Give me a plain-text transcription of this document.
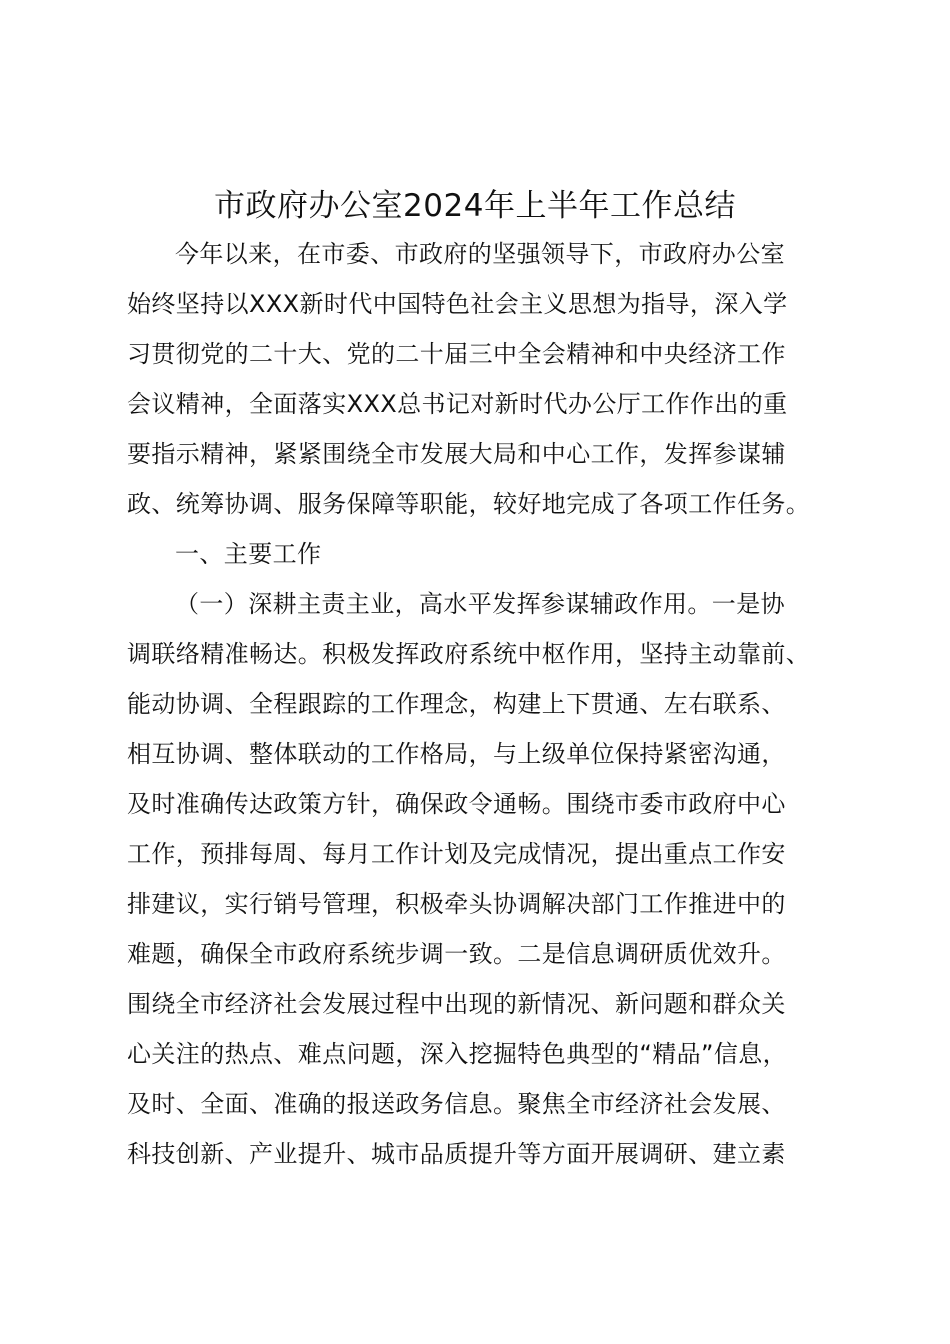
市政府办公室2024年上半年工作总结
今年以来，在市委、市政府的坚强领导下，市政府办公室
始终坚持以XXX新时代中国特色社会主义思想为指导，深入学
习贯彻党的二十大、党的二十届三中全会精神和中央经济工作
会议精神，全面落实XXX总书记对新时代办公厅工作作出的重
要指示精神，紧紧围绕全市发展大局和中心工作，发挥参谋辅
政、统筹协调、服务保障等职能，较好地完成了各项工作任务。
一、主要工作
（一）深耕主责主业，高水平发挥参谋辅政作用。一是协
调联络精准畅达。积极发挥政府系统中枢作用，坚持主动靠前、
能动协调、全程跟踪的工作理念，构建上下贯通、左右联系、
相互协调、整体联动的工作格局，与上级单位保持紧密沟通，
及时准确传达政策方针，确保政令通畅。围绕市委市政府中心
工作，预排每周、每月工作计划及完成情况，提出重点工作安
排建议，实行销号管理，积极牵头协调解决部门工作推进中的
难题，确保全市政府系统步调一致。二是信息调研质优效升。
围绕全市经济社会发展过程中出现的新情况、新问题和群众关
心关注的热点、难点问题，深入挖掘特色典型的“精品”信息，
及时、全面、准确的报送政务信息。聚焦全市经济社会发展、
科技创新、产业提升、城市品质提升等方面开展调研、建立素
